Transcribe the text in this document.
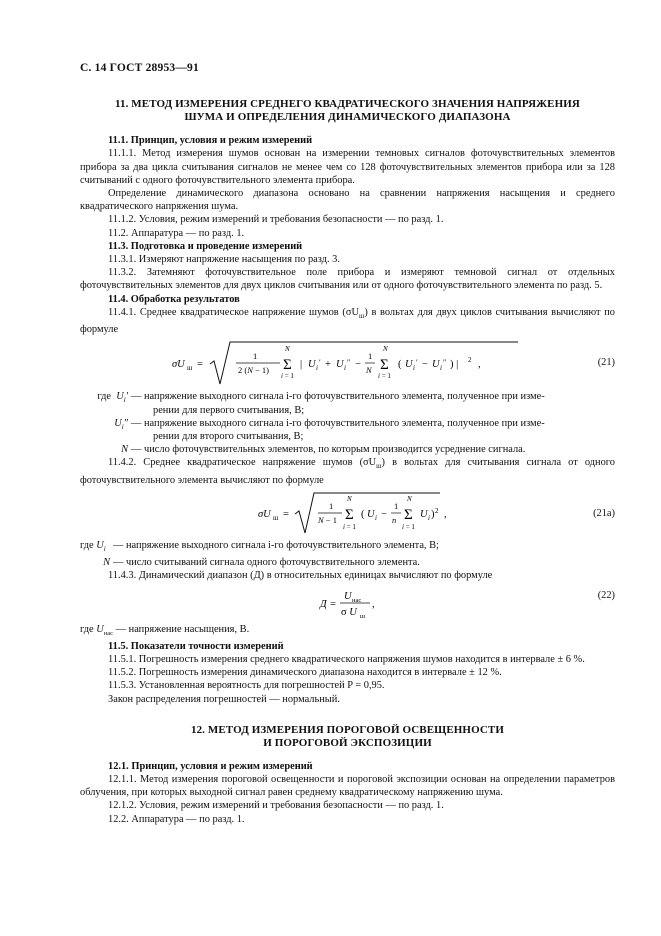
С. 14 ГОСТ 28953—91
11. МЕТОД ИЗМЕРЕНИЯ СРЕДНЕГО КВАДРАТИЧЕСКОГО ЗНАЧЕНИЯ НАПРЯЖЕНИЯ
ШУМА И ОПРЕДЕЛЕНИЯ ДИНАМИЧЕСКОГО ДИАПАЗОНА
11.1. Принцип, условия и режим измерений

11.1.1. Метод измерения шумов основан на измерении темновых сигналов фоточувствительных элементов прибора за два цикла считывания сигналов не менее чем со 128 фоточувствительных элементов прибора или за 128 считываний с одного фоточувствительного элемента прибора.

Определение динамического диапазона основано на сравнении напряжения насыщения и среднего квадратического напряжения шума.

11.1.2. Условия, режим измерений и требования безопасности — по разд. 1.

11.2. Аппаратура — по разд. 1.

11.3. Подготовка и проведение измерений

11.3.1. Измеряют напряжение насыщения по разд. 3.

11.3.2. Затемняют фоточувствительное поле прибора и измеряют темновой сигнал от отдельных фоточувствительных элементов для двух циклов считывания или от одного фоточувствительного элемента по разд. 5.

11.4. Обработка результатов

11.4.1. Среднее квадратическое напряжение шумов $(\sigma U_ш)$ в вольтах для двух циклов считывания вычисляют по формуле

σU ш =
1
2 (N − 1)
N
Σ
i = 1
| U i
′ + U i
″ −
1
N
N
Σ
i = 1
( U i
′ − U i
″ ) | 2 ,	(21)
где  $U_i'$ — напряжение выходного сигнала i-го фоточувствительного элемента, полученное при изме-
рении для первого считывания, В;
$U_i''$ — напряжение выходного сигнала i-го фоточувствительного элемента, полученное при изме-
рении для второго считывания, В;
N — число фоточувствительных элементов, по которым производится усреднение сигнала.

11.4.2. Среднее квадратическое напряжение шумов $(\sigma U_ш)$ в вольтах для считывания сигнала от одного фоточувствительного элемента вычисляют по формуле

σU ш =
1
N − 1
N
Σ
i = 1
( U i −
1
n
N
Σ
i = 1
U i ) 2 ,	(21а)
где $U_i$ — напряжение выходного сигнала i-го фоточувствительного элемента, В;
N — число считываний сигнала одного фоточувствительного элемента.

11.4.3. Динамический диапазон (Д) в относительных единицах вычисляют по формуле

Д =
U нас
σ U ш
,
(22)
где $U_{нас}$ — напряжение насыщения, В.
11.5. Показатели точности измерений

11.5.1. Погрешность измерения среднего квадратического напряжения шумов находится в интервале ± 6 %.

11.5.2. Погрешность измерения динамического диапазона находится в интервале ± 12 %.

11.5.3. Установленная вероятность для погрешностей P = 0,95.

Закон распределения погрешностей — нормальный.

12. МЕТОД ИЗМЕРЕНИЯ ПОРОГОВОЙ ОСВЕЩЕННОСТИ
И ПОРОГОВОЙ ЭКСПОЗИЦИИ
12.1. Принцип, условия и режим измерений

12.1.1. Метод измерения пороговой освещенности и пороговой экспозиции основан на определении параметров облучения, при которых выходной сигнал равен среднему квадратическому напряжению шума.

12.1.2. Условия, режим измерений и требования безопасности — по разд. 1.

12.2. Аппаратура — по разд. 1.
